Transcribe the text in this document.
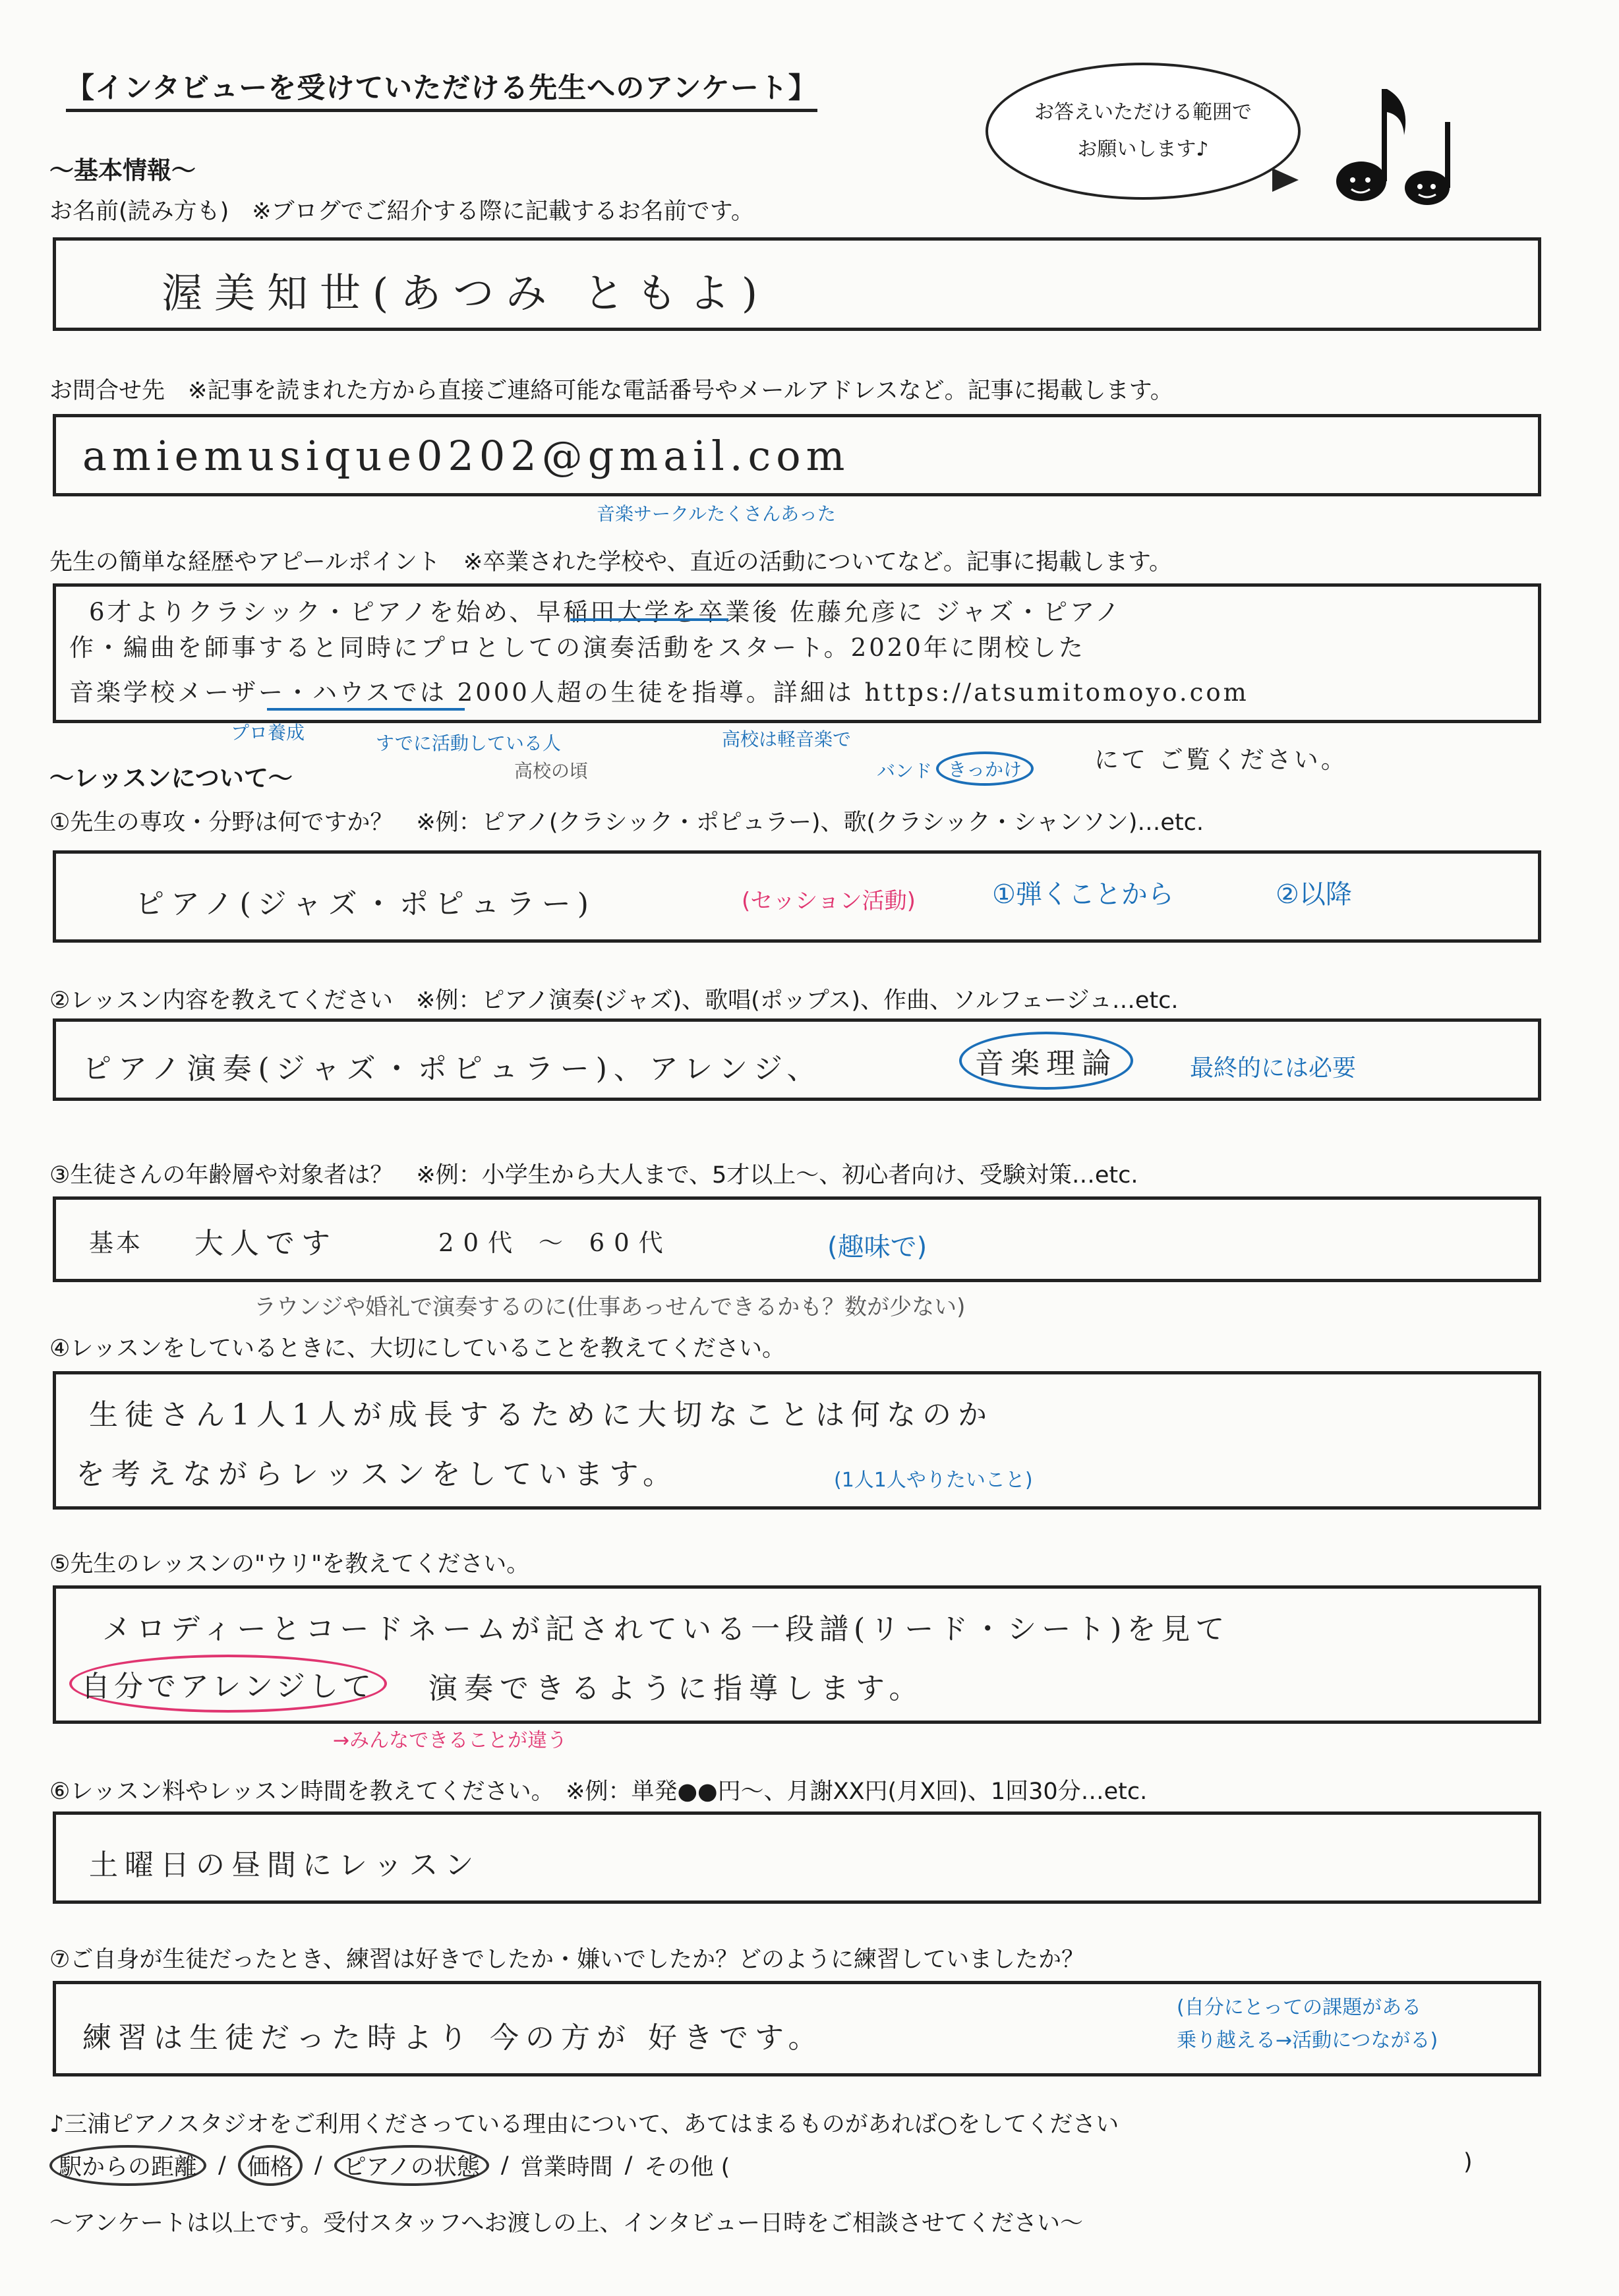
【インタビューを受けていただける先生へのアンケート】
お答えいただける範囲で
お願いします♪
〜基本情報〜
お名前(読み方も)　※ブログでご紹介する際に記載するお名前です。
渥美知世(あつみ ともよ)
お問合せ先　※記事を読まれた方から直接ご連絡可能な電話番号やメールアドレスなど。記事に掲載します。
amiemusique0202@gmail.com
音楽サークルたくさんあった
先生の簡単な経歴やアピールポイント　※卒業された学校や、直近の活動についてなど。記事に掲載します。
6才よりクラシック・ピアノを始め、早稲田大学を卒業後 佐藤允彦に ジャズ・ピアノ
作・編曲を師事すると同時にプロとしての演奏活動をスタート。2020年に閉校した
音楽学校メーザー・ハウスでは 2000人超の生徒を指導。詳細は https://atsumitomoyo.com
にて ご覧ください。
プロ養成	すでに活動している人
高校の頃
高校は軽音楽で
バンド きっかけ
〜レッスンについて〜
①先生の専攻・分野は何ですか？　※例：ピアノ(クラシック・ポピュラー)、歌(クラシック・シャンソン)…etc.
ピアノ(ジャズ・ポピュラー)	(セッション活動)	①弾くことから	②以降
②レッスン内容を教えてください　※例：ピアノ演奏(ジャズ)、歌唱(ポップス)、作曲、ソルフェージュ…etc.
ピアノ演奏(ジャズ・ポピュラー)、アレンジ、	音楽理論	最終的には必要
③生徒さんの年齢層や対象者は？　※例：小学生から大人まで、5才以上〜、初心者向け、受験対策…etc.
基本 大人です	20代 〜 60代	(趣味で)
ラウンジや婚礼で演奏するのに(仕事あっせんできるかも？数が少ない)
④レッスンをしているときに、大切にしていることを教えてください。
生徒さん1人1人が成長するために大切なことは何なのか
を考えながらレッスンをしています。	(1人1人やりたいこと)
⑤先生のレッスンの"ウリ"を教えてください。
メロディーとコードネームが記されている一段譜(リード・シート)を見て
自分でアレンジして	演奏できるように指導します。
→みんなできることが違う
⑥レッスン料やレッスン時間を教えてください。　※例：単発●●円〜、月謝XX円(月X回)、1回30分…etc.
土曜日の昼間にレッスン
⑦ご自身が生徒だったとき、練習は好きでしたか・嫌いでしたか？どのように練習していましたか？
練習は生徒だった時より 今の方が 好きです。
(自分にとっての課題がある
乗り越える→活動につながる)
♪三浦ピアノスタジオをご利用くださっている理由について、あてはまるものがあれば○をしてください
駅からの距離 / 価格 / ピアノの状態 / 営業時間 / その他 (	)
〜アンケートは以上です。受付スタッフへお渡しの上、インタビュー日時をご相談させてください〜
